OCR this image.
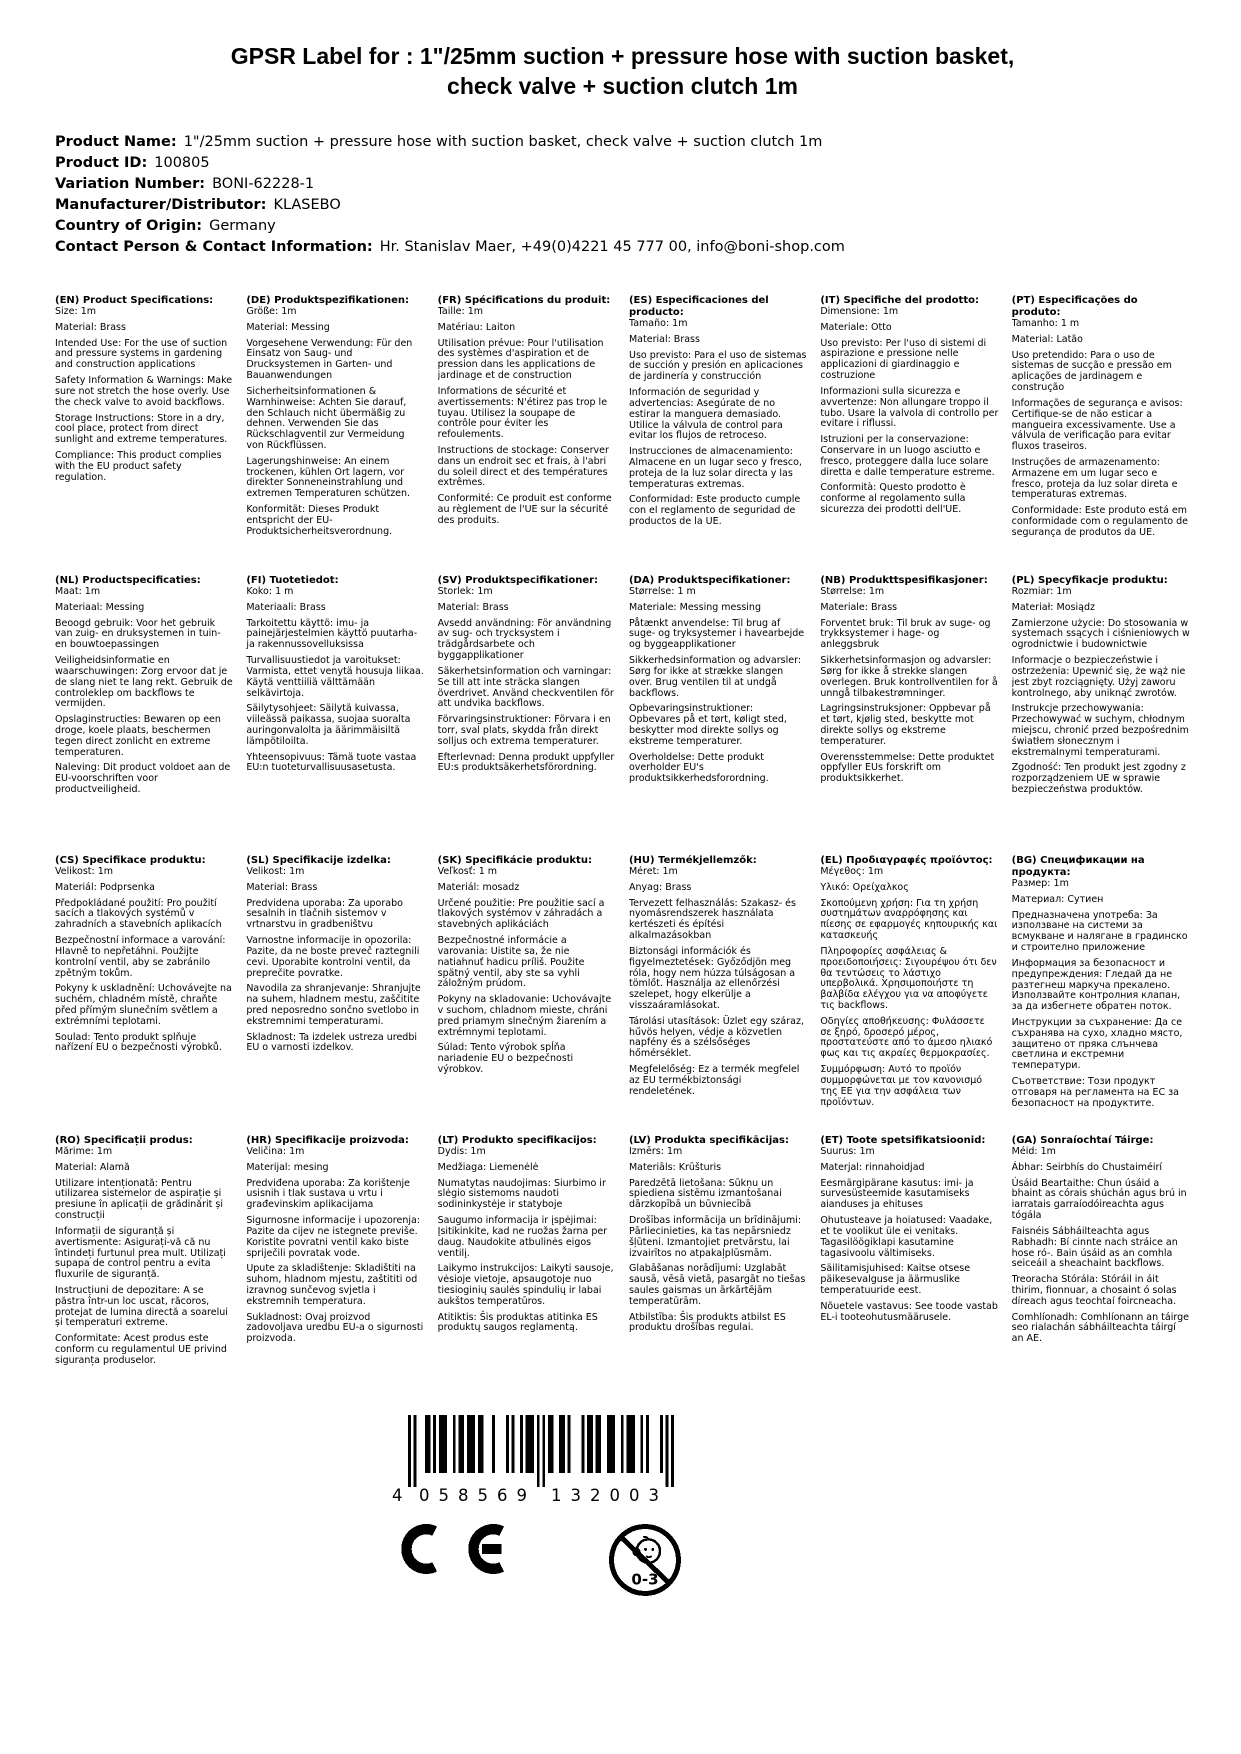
GPSR Label for : 1"/25mm suction + pressure hose with suction basket, check valve + suction clutch 1m
Product Name: 1"/25mm suction + pressure hose with suction basket, check valve + suction clutch 1m
Product ID: 100805
Variation Number: BONI-62228-1
Manufacturer/Distributor: KLASEBO
Country of Origin: Germany
Contact Person & Contact Information: Hr. Stanislav Maer, +49(0)4221 45 777 00, info@boni-shop.com
(EN) Product Specifications:

Size: 1m

Material: Brass

Intended Use: For the use of suction and pressure systems in gardening and construction applications

Safety Information & Warnings: Make sure not stretch the hose overly. Use the check valve to avoid backflows.

Storage Instructions: Store in a dry, cool place, protect from direct sunlight and extreme temperatures.

Compliance: This product complies with the EU product safety regulation.

(DE) Produktspezifikationen:

Größe: 1m

Material: Messing

Vorgesehene Verwendung: Für den Einsatz von Saug- und Drucksystemen in Garten- und Bauanwendungen

Sicherheitsinformationen & Warnhinweise: Achten Sie darauf, den Schlauch nicht übermäßig zu dehnen. Verwenden Sie das Rückschlagventil zur Vermeidung von Rückflüssen.

Lagerungshinweise: An einem trockenen, kühlen Ort lagern, vor direkter Sonneneinstrahlung und extremen Temperaturen schützen.

Konformität: Dieses Produkt entspricht der EU-Produktsicherheitsverordnung.

(FR) Spécifications du produit:

Taille: 1m

Matériau: Laiton

Utilisation prévue: Pour l'utilisation des systèmes d'aspiration et de pression dans les applications de jardinage et de construction

Informations de sécurité et avertissements: N'étirez pas trop le tuyau. Utilisez la soupape de contrôle pour éviter les refoulements.

Instructions de stockage: Conserver dans un endroit sec et frais, à l'abri du soleil direct et des températures extrêmes.

Conformité: Ce produit est conforme au règlement de l'UE sur la sécurité des produits.

(ES) Especificaciones del producto:

Tamaño: 1m

Material: Brass

Uso previsto: Para el uso de sistemas de succión y presión en aplicaciones de jardinería y construcción

Información de seguridad y advertencias: Asegúrate de no estirar la manguera demasiado. Utilice la válvula de control para evitar los flujos de retroceso.

Instrucciones de almacenamiento: Almacene en un lugar seco y fresco, proteja de la luz solar directa y las temperaturas extremas.

Conformidad: Este producto cumple con el reglamento de seguridad de productos de la UE.

(IT) Specifiche del prodotto:

Dimensione: 1m

Materiale: Otto

Uso previsto: Per l'uso di sistemi di aspirazione e pressione nelle applicazioni di giardinaggio e costruzione

Informazioni sulla sicurezza e avvertenze: Non allungare troppo il tubo. Usare la valvola di controllo per evitare i riflussi.

Istruzioni per la conservazione: Conservare in un luogo asciutto e fresco, proteggere dalla luce solare diretta e dalle temperature estreme.

Conformità: Questo prodotto è conforme al regolamento sulla sicurezza dei prodotti dell'UE.

(PT) Especificações do produto:

Tamanho: 1 m

Material: Latão

Uso pretendido: Para o uso de sistemas de sucção e pressão em aplicações de jardinagem e construção

Informações de segurança e avisos: Certifique-se de não esticar a mangueira excessivamente. Use a válvula de verificação para evitar fluxos traseiros.

Instruções de armazenamento: Armazene em um lugar seco e fresco, proteja da luz solar direta e temperaturas extremas.

Conformidade: Este produto está em conformidade com o regulamento de segurança de produtos da UE.

(NL) Productspecificaties:

Maat: 1m

Materiaal: Messing

Beoogd gebruik: Voor het gebruik van zuig- en druksystemen in tuin- en bouwtoepassingen

Veiligheidsinformatie en waarschuwingen: Zorg ervoor dat je de slang niet te lang rekt. Gebruik de controleklep om backflows te vermijden.

Opslaginstructies: Bewaren op een droge, koele plaats, beschermen tegen direct zonlicht en extreme temperaturen.

Naleving: Dit product voldoet aan de EU-voorschriften voor productveiligheid.

(FI) Tuotetiedot:

Koko: 1 m

Materiaali: Brass

Tarkoitettu käyttö: imu- ja painejärjestelmien käyttö puutarha- ja rakennussovelluksissa

Turvallisuustiedot ja varoitukset: Varmista, ettet venytä housuja liikaa. Käytä venttiiliä välttämään selkävirtoja.

Säilytysohjeet: Säilytä kuivassa, viileässä paikassa, suojaa suoralta auringonvalolta ja äärimmäisiltä lämpötiloilta.

Yhteensopivuus: Tämä tuote vastaa EU:n tuoteturvallisuusasetusta.

(SV) Produktspecifikationer:

Storlek: 1m

Material: Brass

Avsedd användning: För användning av sug- och trycksystem i trädgårdsarbete och byggapplikationer

Säkerhetsinformation och varningar: Se till att inte sträcka slangen överdrivet. Använd checkventilen för att undvika backflows.

Förvaringsinstruktioner: Förvara i en torr, sval plats, skydda från direkt solljus och extrema temperaturer.

Efterlevnad: Denna produkt uppfyller EU:s produktsäkerhetsförordning.

(DA) Produktspecifikationer:

Størrelse: 1 m

Materiale: Messing messing

Påtænkt anvendelse: Til brug af suge- og tryksystemer i havearbejde og byggeapplikationer

Sikkerhedsinformation og advarsler: Sørg for ikke at strække slangen over. Brug ventilen til at undgå backflows.

Opbevaringsinstruktioner: Opbevares på et tørt, køligt sted, beskytter mod direkte sollys og ekstreme temperaturer.

Overholdelse: Dette produkt overholder EU's produktsikkerhedsforordning.

(NB) Produkttspesifikasjoner:

Størrelse: 1m

Materiale: Brass

Forventet bruk: Til bruk av suge- og trykksystemer i hage- og anleggsbruk

Sikkerhetsinformasjon og advarsler: Sørg for ikke å strekke slangen overlegen. Bruk kontrollventilen for å unngå tilbakestrømninger.

Lagringsinstruksjoner: Oppbevar på et tørt, kjølig sted, beskytte mot direkte sollys og ekstreme temperaturer.

Overensstemmelse: Dette produktet oppfyller EUs forskrift om produktsikkerhet.

(PL) Specyfikacje produktu:

Rozmiar: 1m

Materiał: Mosiądz

Zamierzone użycie: Do stosowania w systemach ssących i ciśnieniowych w ogrodnictwie i budownictwie

Informacje o bezpieczeństwie i ostrzeżenia: Upewnić się, że wąż nie jest zbyt rozciągnięty. Użyj zaworu kontrolnego, aby uniknąć zwrotów.

Instrukcje przechowywania: Przechowywać w suchym, chłodnym miejscu, chronić przed bezpośrednim światłem słonecznym i ekstremalnymi temperaturami.

Zgodność: Ten produkt jest zgodny z rozporządzeniem UE w sprawie bezpieczeństwa produktów.

(CS) Specifikace produktu:

Velikost: 1m

Materiál: Podprsenka

Předpokládané použití: Pro použití sacích a tlakových systémů v zahradních a stavebních aplikacích

Bezpečnostní informace a varování: Hlavně to nepřetáhni. Použijte kontrolní ventil, aby se zabránilo zpětným tokům.

Pokyny k uskladnění: Uchovávejte na suchém, chladném místě, chraňte před přímým slunečním světlem a extrémními teplotami.

Soulad: Tento produkt splňuje nařízení EU o bezpečnosti výrobků.

(SL) Specifikacije izdelka:

Velikost: 1m

Material: Brass

Predvidena uporaba: Za uporabo sesalnih in tlačnih sistemov v vrtnarstvu in gradbeništvu

Varnostne informacije in opozorila: Pazite, da ne boste preveč raztegnili cevi. Uporabite kontrolni ventil, da preprečite povratke.

Navodila za shranjevanje: Shranjujte na suhem, hladnem mestu, zaščitite pred neposredno sončno svetlobo in ekstremnimi temperaturami.

Skladnost: Ta izdelek ustreza uredbi EU o varnosti izdelkov.

(SK) Špecifikácie produktu:

Veľkosť: 1 m

Materiál: mosadz

Určené použitie: Pre použitie sací a tlakových systémov v záhradách a stavebných aplikáciách

Bezpečnostné informácie a varovania: Uistite sa, že nie natiahnuť hadicu príliš. Použite spätný ventil, aby ste sa vyhli záložným prúdom.

Pokyny na skladovanie: Uchovávajte v suchom, chladnom mieste, chráni pred priamym slnečným žiarením a extrémnymi teplotami.

Súlad: Tento výrobok spĺňa nariadenie EU o bezpečnosti výrobkov.

(HU) Termékjellemzők:

Méret: 1m

Anyag: Brass

Tervezett felhasználás: Szakasz- és nyomásrendszerek használata kertészeti és építési alkalmazásokban

Biztonsági információk és figyelmeztetések: Győződjön meg róla, hogy nem húzza túlságosan a tömlőt. Használja az ellenőrzési szelepet, hogy elkerülje a visszaáramlásokat.

Tárolási utasítások: Üzlet egy száraz, hűvös helyen, védje a közvetlen napfény és a szélsőséges hőmérséklet.

Megfelelőség: Ez a termék megfelel az EU termékbiztonsági rendeletének.

(EL) Προδιαγραφές προϊόντος:

Μέγεθος: 1m

Υλικό: Ορείχαλκος

Σκοπούμενη χρήση: Για τη χρήση συστημάτων αναρρόφησης και πίεσης σε εφαρμογές κηπουρικής και κατασκευής

Πληροφορίες ασφάλειας & προειδοποιήσεις: Σιγουρέψου ότι δεν θα τεντώσεις το λάστιχο υπερβολικά. Χρησιμοποιήστε τη βαλβίδα ελέγχου για να αποφύγετε τις backflows.

Οδηγίες αποθήκευσης: Φυλάσσετε σε ξηρό, δροσερό μέρος, προστατεύστε από το άμεσο ηλιακό φως και τις ακραίες θερμοκρασίες.

Συμμόρφωση: Αυτό το προϊόν συμμορφώνεται με τον κανονισμό της ΕΕ για την ασφάλεια των προϊόντων.

(BG) Спецификации на продукта:

Размер: 1m

Материал: Сутиен

Предназначена употреба: За използване на системи за всмукване и налягане в градинско и строително приложение

Информация за безопасност и предупреждения: Гледай да не разтегнеш маркуча прекалено. Използвайте контролния клапан, за да избегнете обратен поток.

Инструкции за съхранение: Да се съхранява на сухо, хладно място, защитено от пряка слънчева светлина и екстремни температури.

Съответствие: Този продукт отговаря на регламента на ЕС за безопасност на продуктите.

(RO) Specificații produs:

Mărime: 1m

Material: Alamă

Utilizare intenționată: Pentru utilizarea sistemelor de aspirație și presiune în aplicații de grădinărit și construcții

Informații de siguranță și avertismente: Asigurați-vă că nu întindeți furtunul prea mult. Utilizați supapa de control pentru a evita fluxurile de siguranță.

Instrucțiuni de depozitare: A se păstra într-un loc uscat, răcoros, protejat de lumina directă a soarelui și temperaturi extreme.

Conformitate: Acest produs este conform cu regulamentul UE privind siguranța produselor.

(HR) Specifikacije proizvoda:

Veličina: 1m

Materijal: mesing

Predviđena uporaba: Za korištenje usisnih i tlak sustava u vrtu i građevinskim aplikacijama

Sigurnosne informacije i upozorenja: Pazite da cijev ne istegnete previše. Koristite povratni ventil kako biste spriječili povratak vode.

Upute za skladištenje: Skladištiti na suhom, hladnom mjestu, zaštititi od izravnog sunčevog svjetla i ekstremnih temperatura.

Sukladnost: Ovaj proizvod zadovoljava uredbu EU-a o sigurnosti proizvoda.

(LT) Produkto specifikacijos:

Dydis: 1m

Medžiaga: Liemenėlė

Numatytas naudojimas: Siurbimo ir slėgio sistemoms naudoti sodininkystėje ir statyboje

Saugumo informacija ir įspėjimai: Įsitikinkite, kad ne ruožas žarna per daug. Naudokite atbulinės eigos ventilį.

Laikymo instrukcijos: Laikyti sausoje, vėsioje vietoje, apsaugotoje nuo tiesioginių saulės spindulių ir labai aukštos temperatūros.

Atitiktis: Šis produktas atitinka ES produktų saugos reglamentą.

(LV) Produkta specifikācijas:

Izmērs: 1m

Materiāls: Krūšturis

Paredzētā lietošana: Sūkņu un spiediena sistēmu izmantošanai dārzkopībā un būvniecībā

Drošības informācija un brīdinājumi: Pārliecinieties, ka tas nepārsniedz šļūteni. Izmantojiet pretvārstu, lai izvairītos no atpakaļplūsmām.

Glabāšanas norādījumi: Uzglabāt sausā, vēsā vietā, pasargāt no tiešas saules gaismas un ārkārtējām temperatūrām.

Atbilstība: Šis produkts atbilst ES produktu drošības regulai.

(ET) Toote spetsifikatsioonid:

Suurus: 1m

Materjal: rinnahoidjad

Eesmärgipärane kasutus: imi- ja survesüsteemide kasutamiseks aianduses ja ehituses

Ohutusteave ja hoiatused: Vaadake, et te voolikut üle ei venitaks. Tagasilöögiklapi kasutamine tagasivoolu vältimiseks.

Säilitamisjuhised: Kaitse otsese päikesevalguse ja äärmuslike temperatuuride eest.

Nõuetele vastavus: See toode vastab EL-i tooteohutusmäärusele.

(GA) Sonraíochtaí Táirge:

Méid: 1m

Ábhar: Seirbhís do Chustaiméirí

Úsáid Beartaithe: Chun úsáid a bhaint as córais shúchán agus brú in iarratais garraíodóireachta agus tógála

Faisnéis Sábháilteachta agus Rabhadh: Bí cinnte nach stráice an hose ró-. Bain úsáid as an comhla seiceáil a sheachaint backflows.

Treoracha Stórála: Stóráil in áit thirim, fionnuar, a chosaint ó solas díreach agus teochtaí foircneacha.

Comhlíonadh: Comhlíonann an táirge seo rialachán sábháilteachta táirgí an AE.

4 058569 132003
0-3
